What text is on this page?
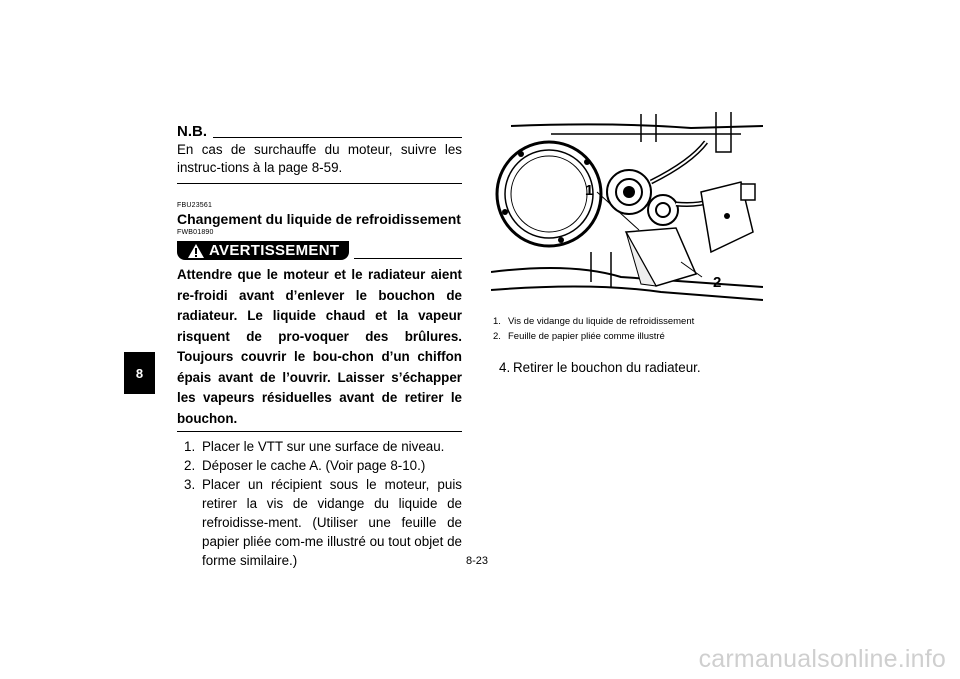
8
N.B.
En cas de surchauffe du moteur, suivre les instruc-tions à la page 8-59.
FBU23561
Changement du liquide de refroidissement
FWB01890
AVERTISSEMENT
Attendre que le moteur et le radiateur aient re-froidi avant d’enlever le bouchon de radiateur. Le liquide chaud et la vapeur risquent de pro-voquer des brûlures. Toujours couvrir le bou-chon d’un chiffon épais avant de l’ouvrir. Laisser s’échapper les vapeurs résiduelles avant de retirer le bouchon.
1. Placer le VTT sur une surface de niveau.
2. Déposer le cache A. (Voir page 8-10.)
3. Placer un récipient sous le moteur, puis retirer la vis de vidange du liquide de refroidisse-ment. (Utiliser une feuille de papier pliée com-me illustré ou tout objet de forme similaire.)
1
2
1. Vis de vidange du liquide de refroidissement
2. Feuille de papier pliée comme illustré
4. Retirer le bouchon du radiateur.
8-23
carmanualsonline.info
